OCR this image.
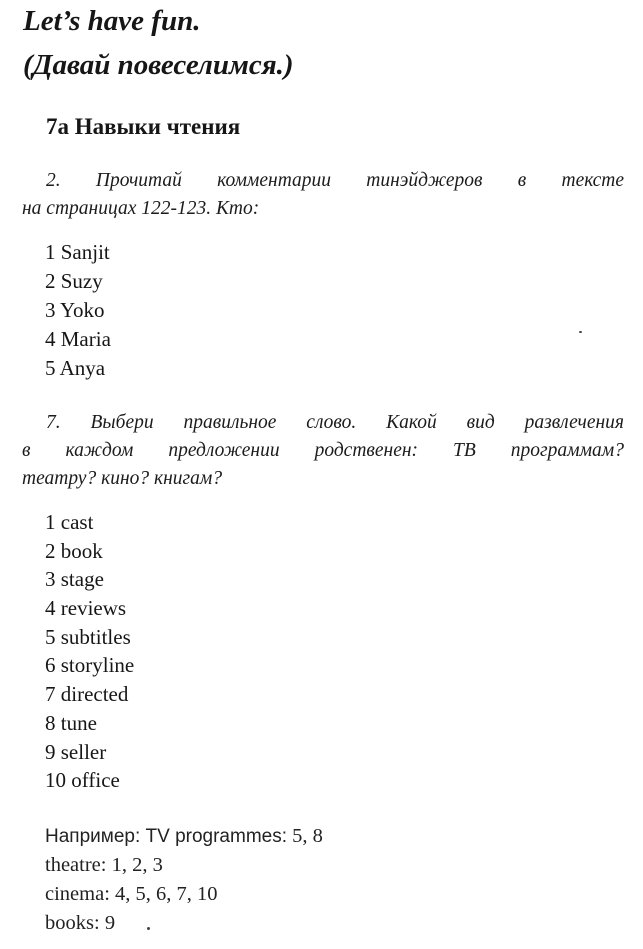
Let’s have fun.
(Давай повеселимся.)
7a Навыки чтения
2. Прочитай комментарии тинэйджеров в тексте
на страницах 122-123. Кто:
1 Sanjit
2 Suzy
3 Yoko
4 Maria
5 Anya
7. Выбери правильное слово. Какой вид развлечения
в каждом предложении родственен: ТВ программам?
театру? кино? книгам?
1 cast
2 book
3 stage
4 reviews
5 subtitles
6 storyline
7 directed
8 tune
9 seller
10 office
Например: TV programmes: 5, 8
theatre: 1, 2, 3
cinema: 4, 5, 6, 7, 10
books: 9
